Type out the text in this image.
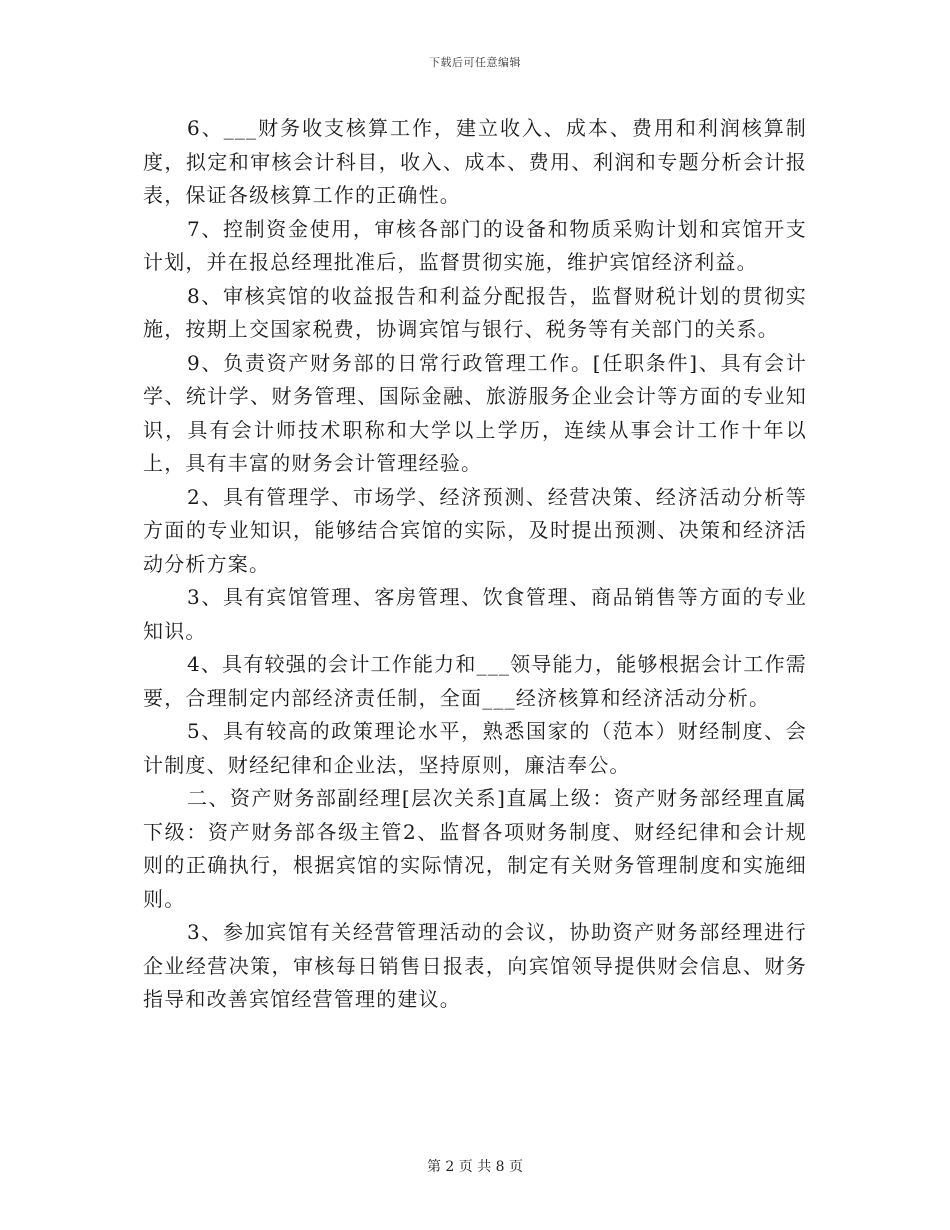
下载后可任意编辑

6、___财务收支核算工作，建立收入、成本、费用和利润核算制度，拟定和审核会计科目，收入、成本、费用、利润和专题分析会计报表，保证各级核算工作的正确性。

7、控制资金使用，审核各部门的设备和物质采购计划和宾馆开支计划，并在报总经理批准后，监督贯彻实施，维护宾馆经济利益。

8、审核宾馆的收益报告和利益分配报告，监督财税计划的贯彻实施，按期上交国家税费，协调宾馆与银行、税务等有关部门的关系。

9、负责资产财务部的日常行政管理工作。[任职条件]、具有会计学、统计学、财务管理、国际金融、旅游服务企业会计等方面的专业知识，具有会计师技术职称和大学以上学历，连续从事会计工作十年以上，具有丰富的财务会计管理经验。

2、具有管理学、市场学、经济预测、经营决策、经济活动分析等方面的专业知识，能够结合宾馆的实际，及时提出预测、决策和经济活动分析方案。

3、具有宾馆管理、客房管理、饮食管理、商品销售等方面的专业知识。

4、具有较强的会计工作能力和___领导能力，能够根据会计工作需要，合理制定内部经济责任制，全面___经济核算和经济活动分析。

5、具有较高的政策理论水平，熟悉国家的（范本）财经制度、会计制度、财经纪律和企业法，坚持原则，廉洁奉公。

二、资产财务部副经理[层次关系]直属上级：资产财务部经理直属下级：资产财务部各级主管2、监督各项财务制度、财经纪律和会计规则的正确执行，根据宾馆的实际情况，制定有关财务管理制度和实施细则。

3、参加宾馆有关经营管理活动的会议，协助资产财务部经理进行企业经营决策，审核每日销售日报表，向宾馆领导提供财会信息、财务指导和改善宾馆经营管理的建议。

第 2 页 共 8 页
